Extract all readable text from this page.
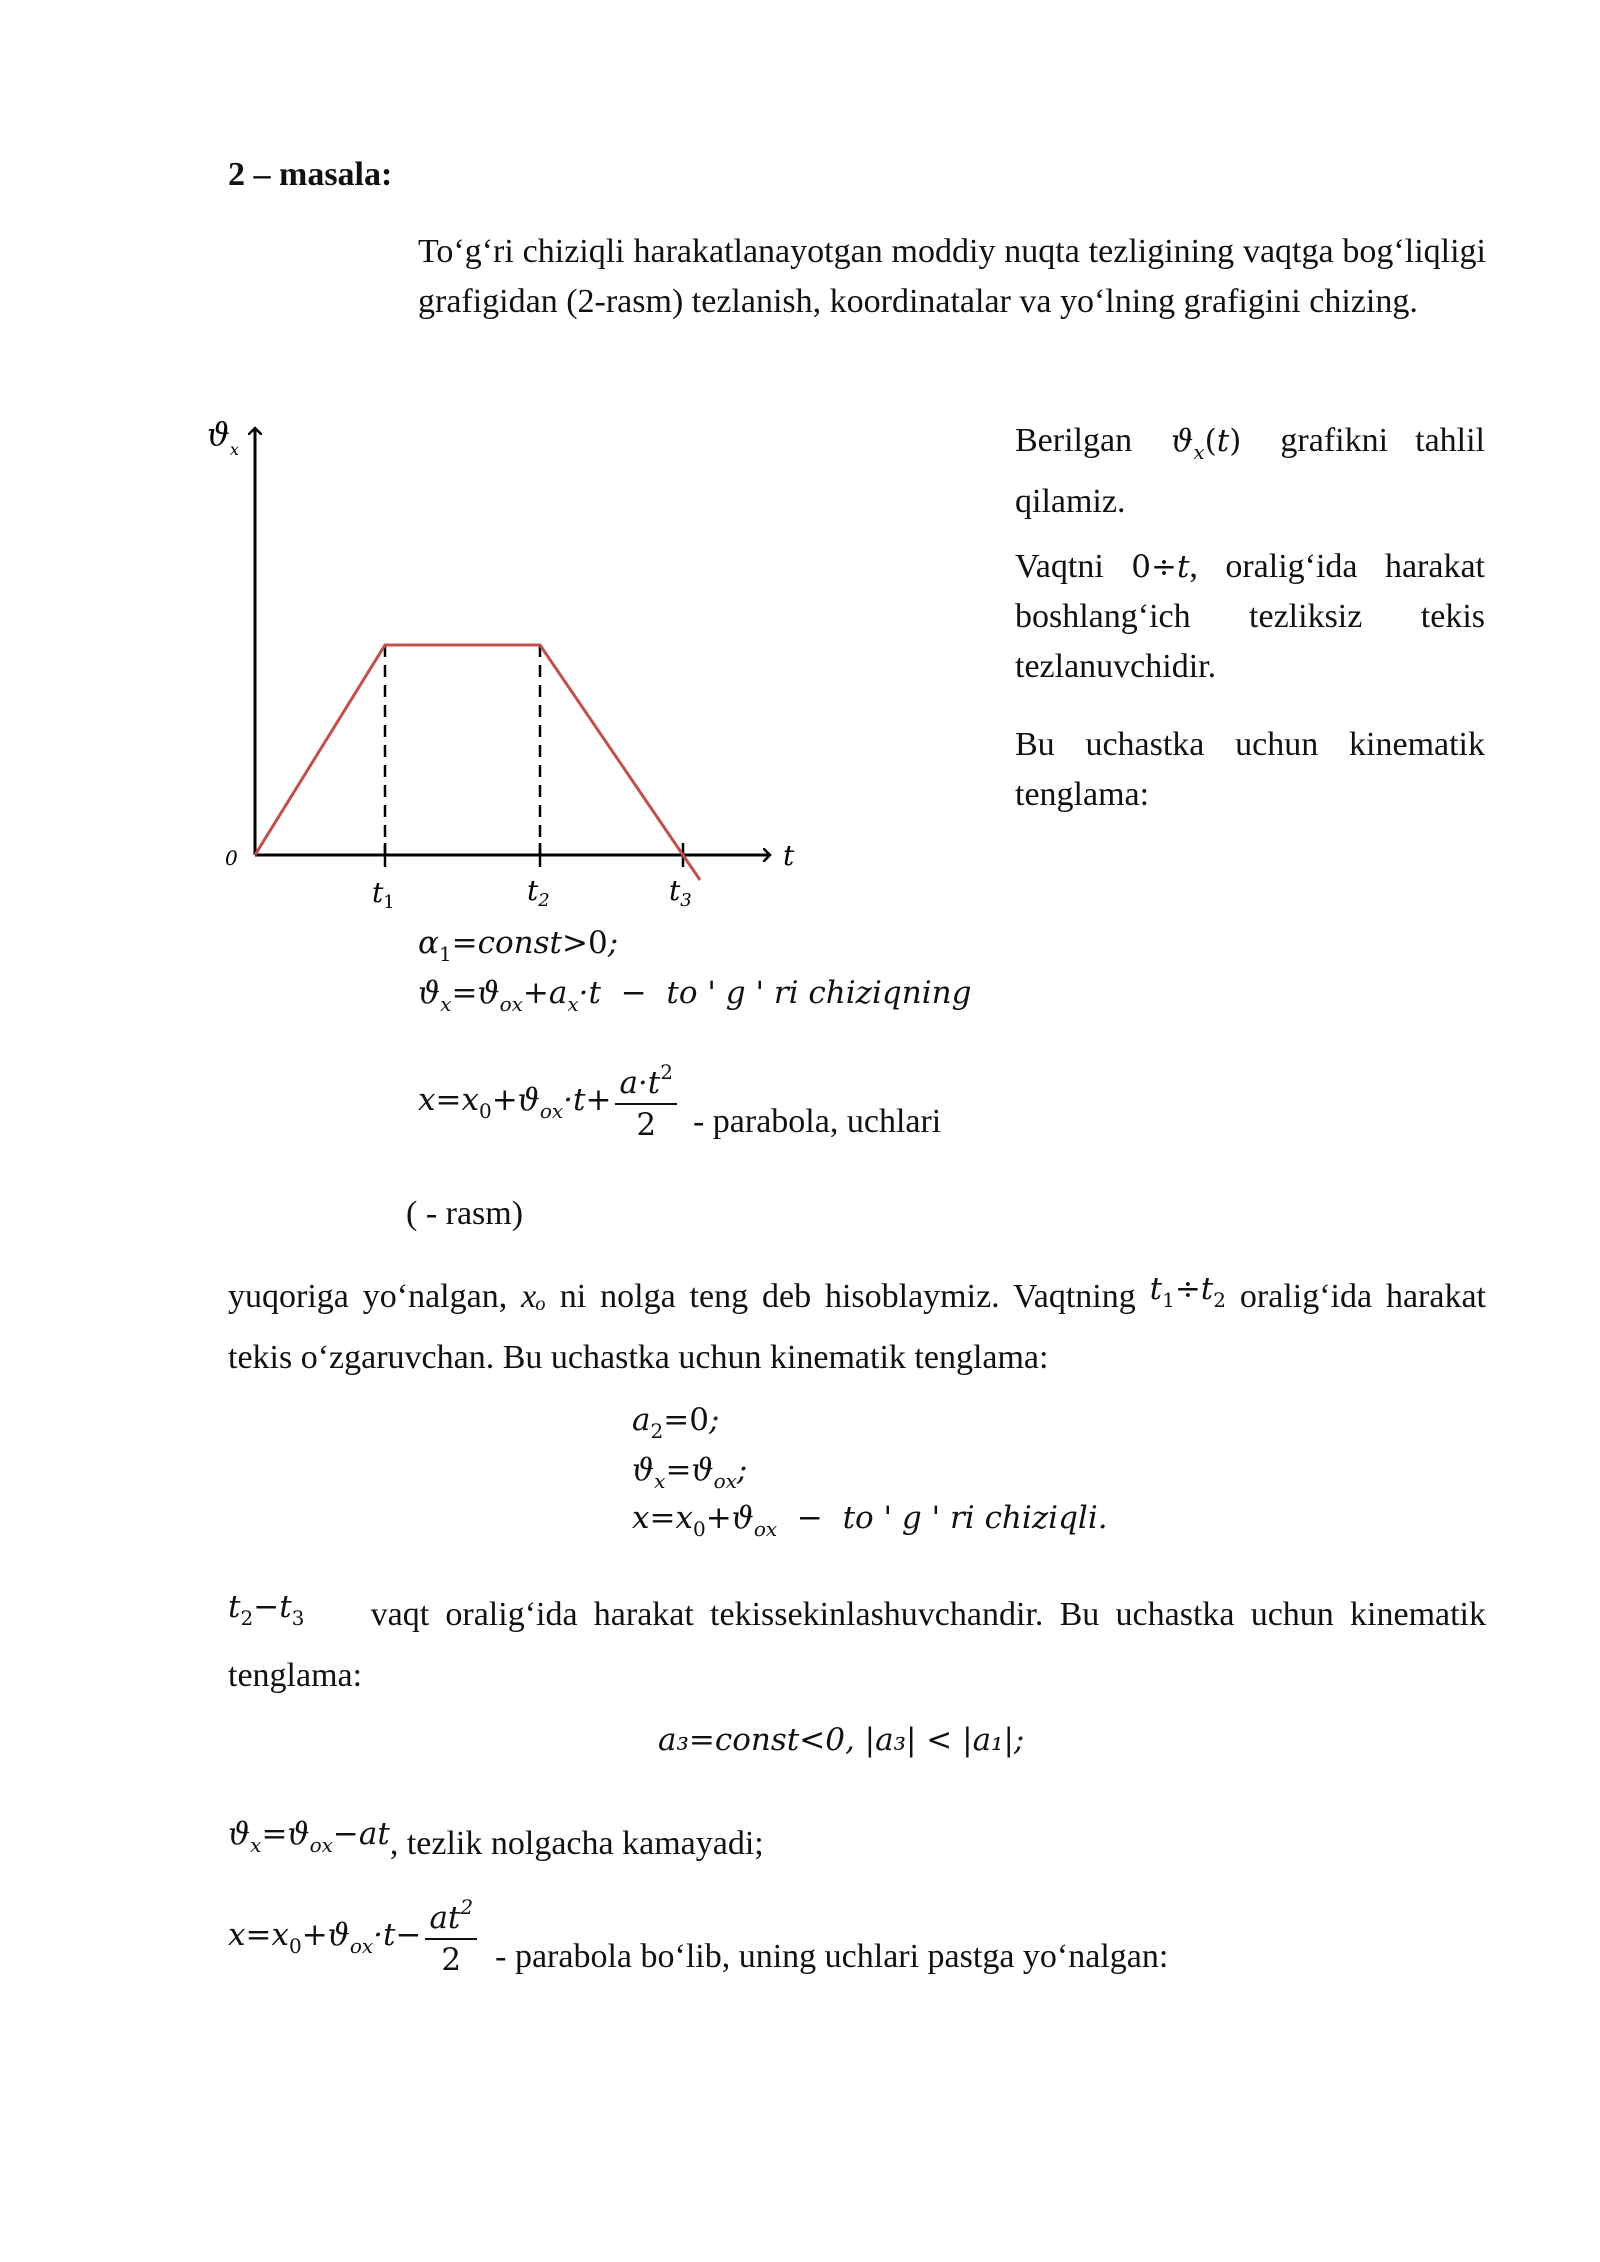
2 – masala:

To‘g‘ri chiziqli harakatlanayotgan moddiy nuqta tezligining vaqtga bog‘liqligi grafigidan (2-rasm) tezlanish, koordinatalar va yo‘lning grafigini chizing.

$ϑ_x$
0	t
$t_1$	$t_2$	$t_3$

Berilgan $ϑ_x(t)$ grafikni tahlil qilamiz.

Vaqtni 0÷t, oralig‘ida harakat boshlang‘ich tezliksiz tekis tezlanuvchidir.

Bu uchastka uchun kinematik tenglama:

$\alpha_1=const>0$;
$ϑ_x=ϑ_{ox}+a_x\cdot t$  −  to ' g ' ri chiziqning
$x=x_0+ϑ_{ox}\cdot t+ \frac{a\cdot t^2}{2}$ - parabola, uchlari
( - rasm)

yuqoriga yo‘nalgan, xₒ ni nolga teng deb hisoblaymiz. Vaqtning $t_1\div t_2$ oralig‘ida harakat tekis o‘zgaruvchan. Bu uchastka uchun kinematik tenglama:

$a_2=0$;
$ϑ_x=ϑ_{ox}$;
$x=x_0+ϑ_{ox}$  −  to ' g ' ri chiziqli.

$t_2-t_3$ vaqt oralig‘ida harakat tekissekinlashuvchandir. Bu uchastka uchun kinematik tenglama:

a₃=const<0, |a₃| < |a₁|;
$ϑ_x=ϑ_{ox}-at$, tezlik nolgacha kamayadi;
$x=x_0+ϑ_{ox}\cdot t- \frac{at^2}{2}$ - parabola bo‘lib, uning uchlari pastga yo‘nalgan:
